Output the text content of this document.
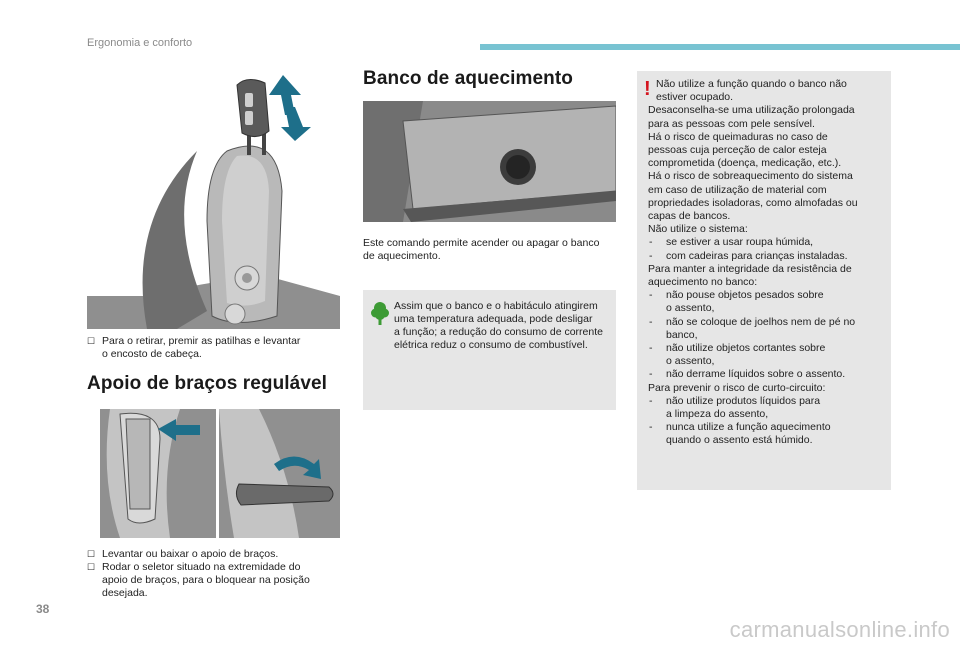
Ergonomia e conforto
☐ Para o retirar, premir as patilhas e levantar
o encosto de cabeça.
Apoio de braços regulável
☐ Levantar ou baixar o apoio de braços.
☐ Rodar o seletor situado na extremidade do
apoio de braços, para o bloquear na posição
desejada.
Banco de aquecimento
Este comando permite acender ou apagar o banco
de aquecimento.
Assim que o banco e o habitáculo atingirem
uma temperatura adequada, pode desligar
a função; a redução do consumo de corrente
elétrica reduz o consumo de combustível.
! Não utilize a função quando o banco não
estiver ocupado.
Desaconselha-se uma utilização prolongada
para as pessoas com pele sensível.
Há o risco de queimaduras no caso de
pessoas cuja perceção de calor esteja
comprometida (doença, medicação, etc.).
Há o risco de sobreaquecimento do sistema
em caso de utilização de material com
propriedades isoladoras, como almofadas ou
capas de bancos.
Não utilize o sistema:
- se estiver a usar roupa húmida,
- com cadeiras para crianças instaladas.
Para manter a integridade da resistência de
aquecimento no banco:
- não pouse objetos pesados sobre
o assento,
- não se coloque de joelhos nem de pé no
banco,
- não utilize objetos cortantes sobre
o assento,
- não derrame líquidos sobre o assento.
Para prevenir o risco de curto-circuito:
- não utilize produtos líquidos para
a limpeza do assento,
- nunca utilize a função aquecimento
quando o assento está húmido.
38
carmanualsonline.info
